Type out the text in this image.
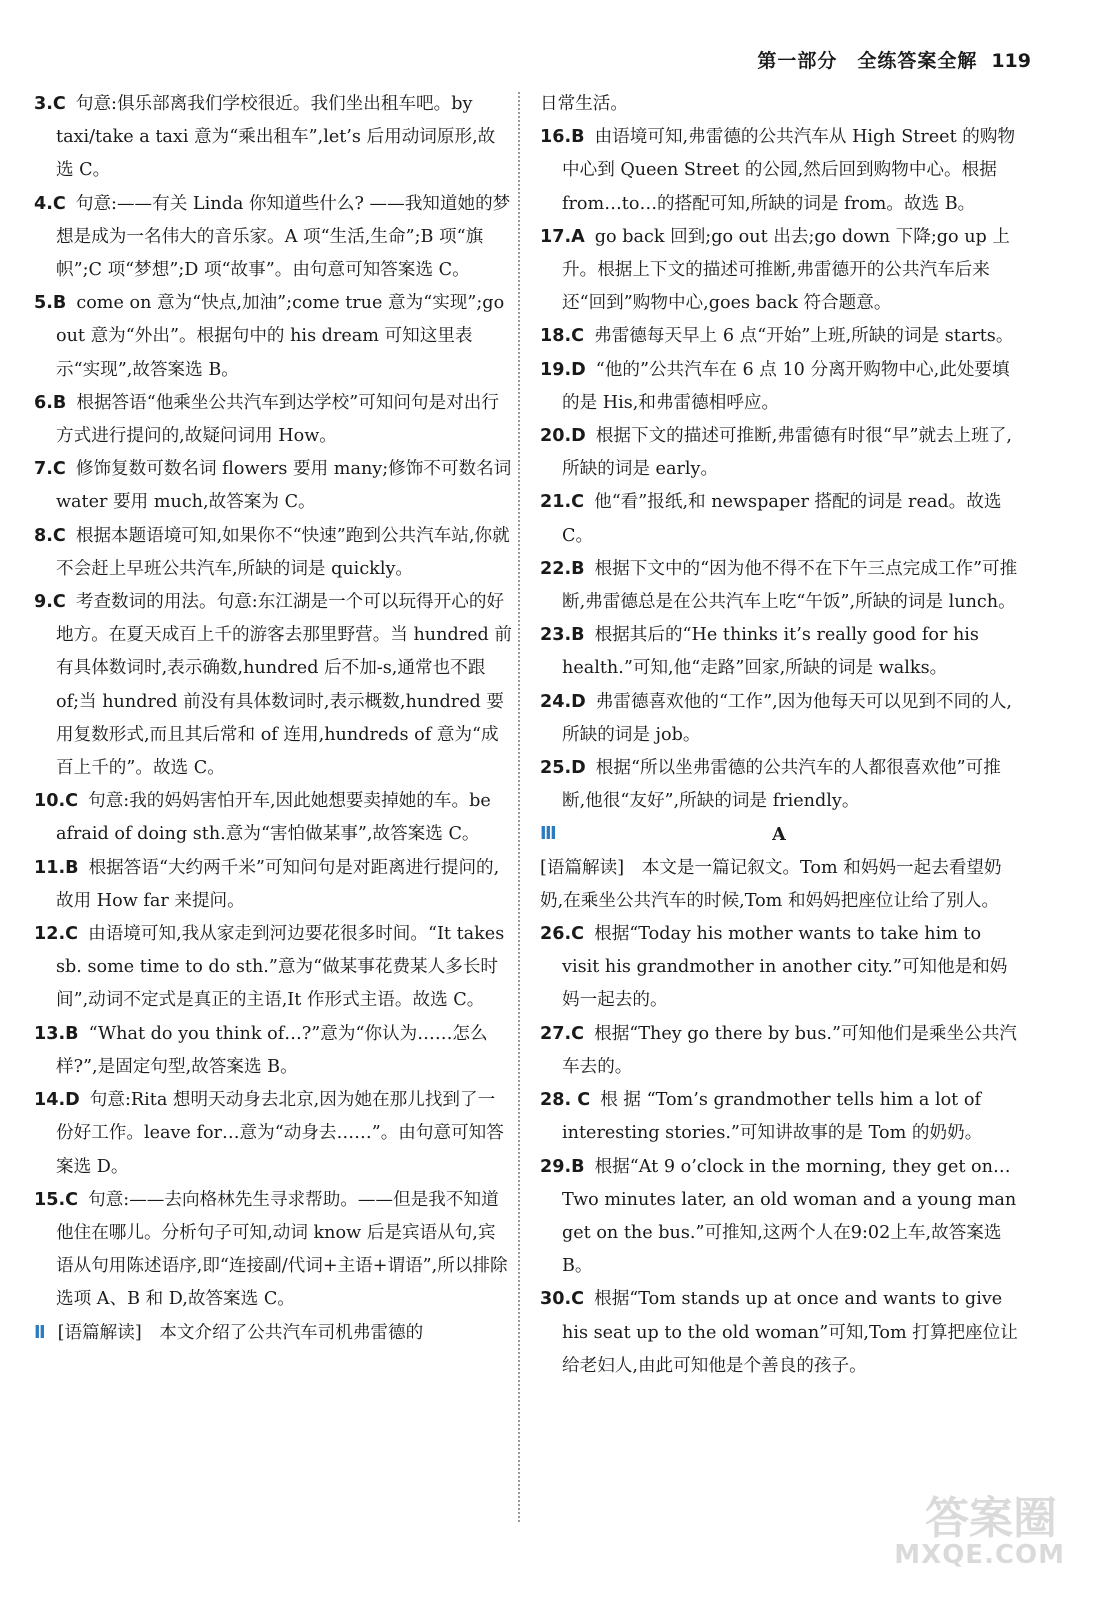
第一部分　全练答案全解 119

3.C 句意:俱乐部离我们学校很近。我们坐出租车吧。by taxi/take a taxi 意为“乘出租车”,let’s 后用动词原形,故选 C。

4.C 句意:——有关 Linda 你知道些什么? ——我知道她的梦想是成为一名伟大的音乐家。A 项“生活,生命”;B 项“旗帜”;C 项“梦想”;D 项“故事”。由句意可知答案选 C。

5.B come on 意为“快点,加油”;come true 意为“实现”;go out 意为“外出”。根据句中的 his dream 可知这里表示“实现”,故答案选 B。

6.B 根据答语“他乘坐公共汽车到达学校”可知问句是对出行方式进行提问的,故疑问词用 How。

7.C 修饰复数可数名词 flowers 要用 many;修饰不可数名词 water 要用 much,故答案为 C。

8.C 根据本题语境可知,如果你不“快速”跑到公共汽车站,你就不会赶上早班公共汽车,所缺的词是 quickly。

9.C 考查数词的用法。句意:东江湖是一个可以玩得开心的好地方。在夏天成百上千的游客去那里野营。当 hundred 前有具体数词时,表示确数,hundred 后不加-s,通常也不跟 of;当 hundred 前没有具体数词时,表示概数,hundred 要用复数形式,而且其后常和 of 连用,hundreds of 意为“成百上千的”。故选 C。

10.C 句意:我的妈妈害怕开车,因此她想要卖掉她的车。be afraid of doing sth.意为“害怕做某事”,故答案选 C。

11.B 根据答语“大约两千米”可知问句是对距离进行提问的,故用 How far 来提问。

12.C 由语境可知,我从家走到河边要花很多时间。“It takes sb. some time to do sth.”意为“做某事花费某人多长时间”,动词不定式是真正的主语,It 作形式主语。故选 C。

13.B “What do you think of…?”意为“你认为……怎么样?”,是固定句型,故答案选 B。

14.D 句意:Rita 想明天动身去北京,因为她在那儿找到了一份好工作。leave for…意为“动身去……”。由句意可知答案选 D。

15.C 句意:——去向格林先生寻求帮助。——但是我不知道他住在哪儿。分析句子可知,动词 know 后是宾语从句,宾语从句用陈述语序,即“连接副/代词+主语+谓语”,所以排除选项 A、B 和 D,故答案选 C。

Ⅱ [语篇解读]　本文介绍了公共汽车司机弗雷德的

日常生活。

16.B 由语境可知,弗雷德的公共汽车从 High Street 的购物中心到 Queen Street 的公园,然后回到购物中心。根据 from…to…的搭配可知,所缺的词是 from。故选 B。

17.A go back 回到;go out 出去;go down 下降;go up 上升。根据上下文的描述可推断,弗雷德开的公共汽车后来还“回到”购物中心,goes back 符合题意。

18.C 弗雷德每天早上 6 点“开始”上班,所缺的词是 starts。

19.D “他的”公共汽车在 6 点 10 分离开购物中心,此处要填的是 His,和弗雷德相呼应。

20.D 根据下文的描述可推断,弗雷德有时很“早”就去上班了,所缺的词是 early。

21.C 他“看”报纸,和 newspaper 搭配的词是 read。故选 C。

22.B 根据下文中的“因为他不得不在下午三点完成工作”可推断,弗雷德总是在公共汽车上吃“午饭”,所缺的词是 lunch。

23.B 根据其后的“He thinks it’s really good for his health.”可知,他“走路”回家,所缺的词是 walks。

24.D 弗雷德喜欢他的“工作”,因为他每天可以见到不同的人,所缺的词是 job。

25.D 根据“所以坐弗雷德的公共汽车的人都很喜欢他”可推断,他很“友好”,所缺的词是 friendly。

Ⅲ	A

[语篇解读]　本文是一篇记叙文。Tom 和妈妈一起去看望奶奶,在乘坐公共汽车的时候,Tom 和妈妈把座位让给了别人。

26.C 根据“Today his mother wants to take him to visit his grandmother in another city.”可知他是和妈妈一起去的。

27.C 根据“They go there by bus.”可知他们是乘坐公共汽车去的。

28. C 根 据 “Tom’s grandmother tells him a lot of interesting stories.”可知讲故事的是 Tom 的奶奶。

29.B 根据“At 9 o’clock in the morning, they get on… Two minutes later, an old woman and a young man get on the bus.”可推知,这两个人在9:02上车,故答案选 B。

30.C 根据“Tom stands up at once and wants to give his seat up to the old woman”可知,Tom 打算把座位让给老妇人,由此可知他是个善良的孩子。

答案圈
MXQE.COM
